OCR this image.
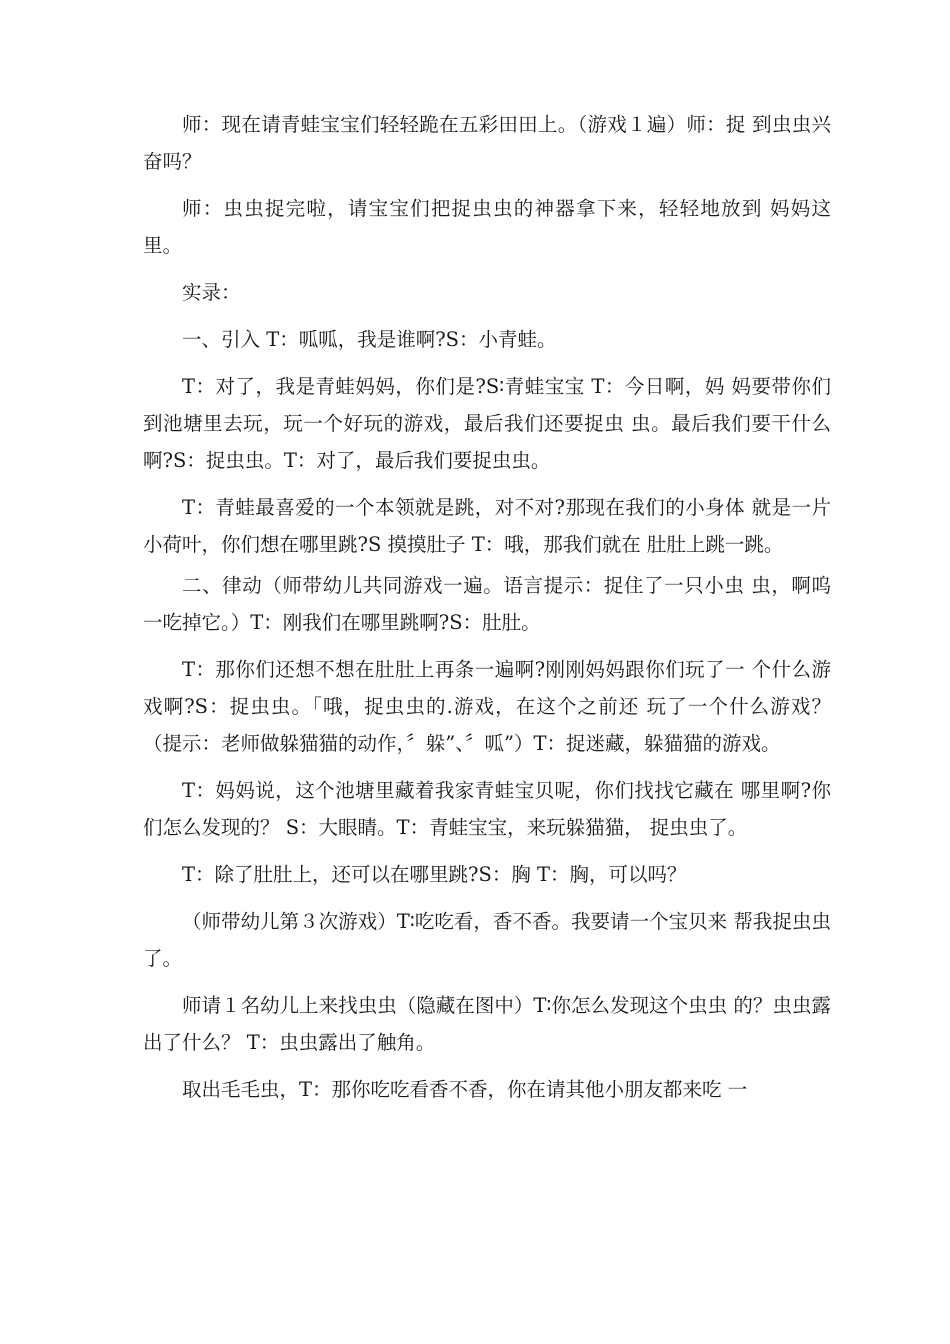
师：现在请青蛙宝宝们轻轻跪在五彩田田上。（游戏１遍）师：捉 到虫虫兴奋吗？

师：虫虫捉完啦，请宝宝们把捉虫虫的神器拿下来，轻轻地放到 妈妈这里。

实录：

一、引入 T：呱呱，我是谁啊?S：小青蛙。

T：对了，我是青蛙妈妈，你们是?S∶青蛙宝宝 T：今日啊，妈 妈要带你们到池塘里去玩，玩一个好玩的游戏，最后我们还要捉虫 虫。最后我们要干什么啊?S：捉虫虫。T：对了，最后我们要捉虫虫。

T：青蛙最喜爱的一个本领就是跳，对不对?那现在我们的小身体 就是一片小荷叶，你们想在哪里跳?S 摸摸肚子 T：哦，那我们就在 肚肚上跳一跳。

二、律动（师带幼儿共同游戏一遍。语言提示：捉住了一只小虫 虫，啊呜一吃掉它。）T：刚我们在哪里跳啊?S：肚肚。

T：那你们还想不想在肚肚上再条一遍啊?刚刚妈妈跟你们玩了一 个什么游戏啊?S：捉虫虫。「哦，捉虫虫的.游戏，在这个之前还 玩了一个什么游戏？（提示：老师做躲猫猫的动作，〞躲”、〞呱”）T：捉迷藏，躲猫猫的游戏。

T：妈妈说，这个池塘里藏着我家青蛙宝贝呢，你们找找它藏在 哪里啊?你们怎么发现的？ S：大眼睛。T：青蛙宝宝，来玩躲猫猫， 捉虫虫了。

T：除了肚肚上，还可以在哪里跳?S：胸 T：胸，可以吗？

（师带幼儿第３次游戏）T∶吃吃看，香不香。我要请一个宝贝来 帮我捉虫虫了。

师请１名幼儿上来找虫虫（隐藏在图中）T∶你怎么发现这个虫虫 的？虫虫露出了什么？ T：虫虫露出了触角。

取出毛毛虫，T：那你吃吃看香不香，你在请其他小朋友都来吃 一
